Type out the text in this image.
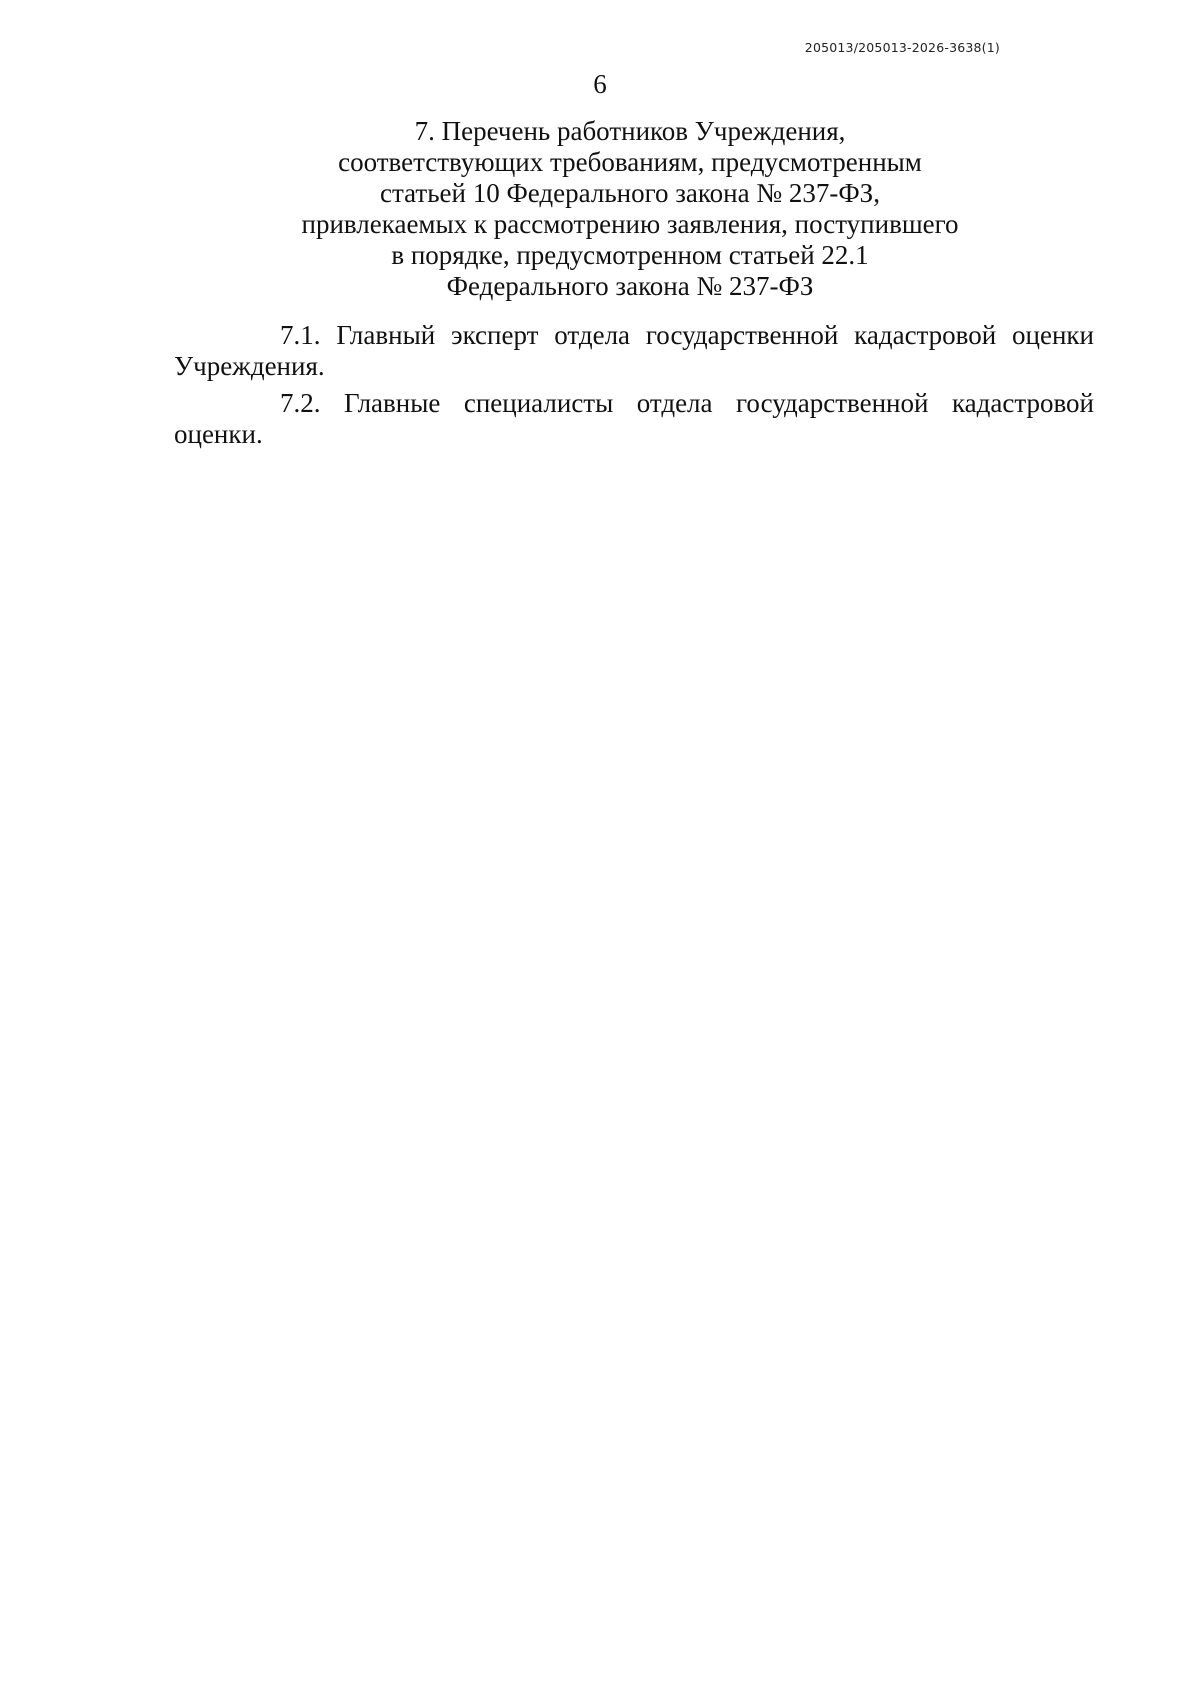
205013/205013-2026-3638(1)
6
7. Перечень работников Учреждения,
соответствующих требованиям, предусмотренным
статьей 10 Федерального закона № 237-ФЗ,
привлекаемых к рассмотрению заявления, поступившего
в порядке, предусмотренном статьей 22.1
Федерального закона № 237-ФЗ
7.1. Главный эксперт отдела государственной кадастровой оценки
Учреждения.
7.2. Главные специалисты отдела государственной кадастровой
оценки.
